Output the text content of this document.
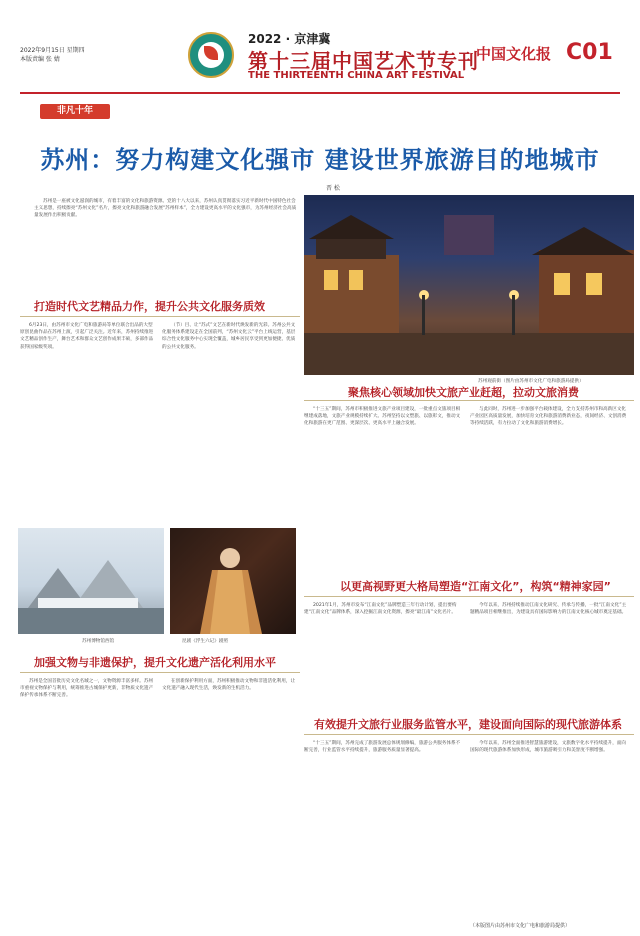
2022年9月15日 星期四
本版责编 张 婧
2022 · 京津冀
第十三届中国艺术节专刊
THE THIRTEENTH CHINA ART FESTIVAL
中国文化报 C01
非凡十年
苏州：努力构建文化强市 建设世界旅游目的地城市
晋 松

苏州是一座被文化滋润的城市，有着丰富的文化和旅游资源。党的十八大以来，苏州认真贯彻落实习近平新时代中国特色社会主义思想，持续擦亮“苏州文化”名片，擦亮文化和旅游融合发展“苏州样本”，全力建设更高水平的文化强市，为苏州经济社会高质量发展作出积极贡献。

苏州观前街（图片由苏州市文化广电和旅游局提供）
打造时代文艺精品力作，提升公共文化服务质效

6月23日，由苏州市文化广电和旅游局等单位联合出品的大型原创昆曲作品在苏州上演，引起广泛关注。近年来，苏州持续推进文艺精品创作生产，舞台艺术和群众文艺创作成果丰硕，多部作品获得国家级奖项。

（节）目、让“苏式”文艺在新时代焕发新的光彩。苏州公共文化服务体系建设走在全国前列，“苏州文化云”平台上线运营，基层综合性文化服务中心实现全覆盖，城乡居民享受到更加便捷、优质的公共文化服务。

聚焦核心领域加快文旅产业赶超，拉动文旅消费

“十三五”期间，苏州市积极推进文旅产业项目建设，一批重点文旅项目相继建成落地，文旅产业规模持续扩大。苏州坚持以文塑旅、以旅彰文，推动文化和旅游在更广范围、更深层次、更高水平上融合发展。

与此同时，苏州进一步加强平台载体建设，全力支持苏州市和高新区文化产业园区高质量发展，加快培育文化和旅游消费新业态，夜间经济、文创消费等持续活跃，有力拉动了文化和旅游消费增长。

苏州博物馆西馆	昆剧《浮生六记》剧照
以更高视野更大格局塑造“江南文化”，构筑“精神家园”

2021年1月，苏州市发布“江南文化”品牌塑造三年行动计划，提出要构建“江南文化”品牌体系，深入挖掘江南文化资源，擦亮“最江南”文化名片。

今年以来，苏州持续推动江南文化研究、传承与传播，一批“江南文化”主题精品项目相继推出，为建设具有国际影响力的江南文化核心城市奠定基础。

加强文物与非遗保护，提升文化遗产活化利用水平

苏州是全国首批历史文化名城之一，文物资源丰富多样。苏州市重视文物保护与利用，统筹推进古城保护更新，非物质文化遗产保护传承体系不断完善。

在创新保护利用方面，苏州积极推动文物和非遗活化利用，让文化遗产融入现代生活，焕发新的生机活力。

有效提升文旅行业服务监管水平，建设面向国际的现代旅游体系

“十三五”期间，苏州完成了旅游发展总体规划修编，旅游公共服务体系不断完善，行业监管水平持续提升，旅游服务质量显著提高。

今年以来，苏州全面推进智慧旅游建设，文旅数字化水平持续提升，面向国际的现代旅游体系加快形成，城市旅游吸引力和美誉度不断增强。

（本版图片由苏州市文化广电和旅游局提供）
